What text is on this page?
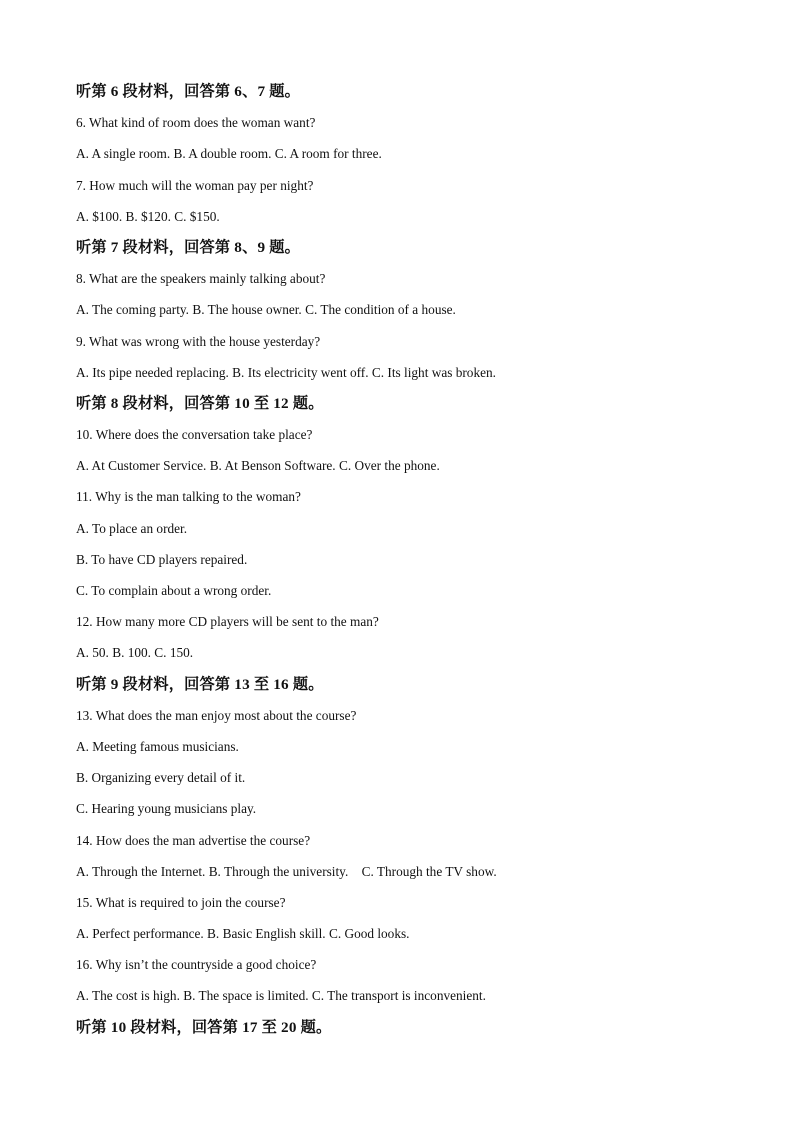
听第 6 段材料，回答第 6、7 题。
6. What kind of room does the woman want?
A. A single room. B. A double room. C. A room for three.
7. How much will the woman pay per night?
A. $100. B. $120. C. $150.
听第 7 段材料，回答第 8、9 题。
8. What are the speakers mainly talking about?
A. The coming party. B. The house owner. C. The condition of a house.
9. What was wrong with the house yesterday?
A. Its pipe needed replacing. B. Its electricity went off. C. Its light was broken.
听第 8 段材料，回答第 10 至 12 题。
10. Where does the conversation take place?
A. At Customer Service. B. At Benson Software. C. Over the phone.
11. Why is the man talking to the woman?
A. To place an order.
B. To have CD players repaired.
C. To complain about a wrong order.
12. How many more CD players will be sent to the man?
A. 50. B. 100. C. 150.
听第 9 段材料，回答第 13 至 16 题。
13. What does the man enjoy most about the course?
A. Meeting famous musicians.
B. Organizing every detail of it.
C. Hearing young musicians play.
14. How does the man advertise the course?
A. Through the Internet. B. Through the university.    C. Through the TV show.
15. What is required to join the course?
A. Perfect performance. B. Basic English skill. C. Good looks.
16. Why isn’t the countryside a good choice?
A. The cost is high. B. The space is limited. C. The transport is inconvenient.
听第 10 段材料，回答第 17 至 20 题。
